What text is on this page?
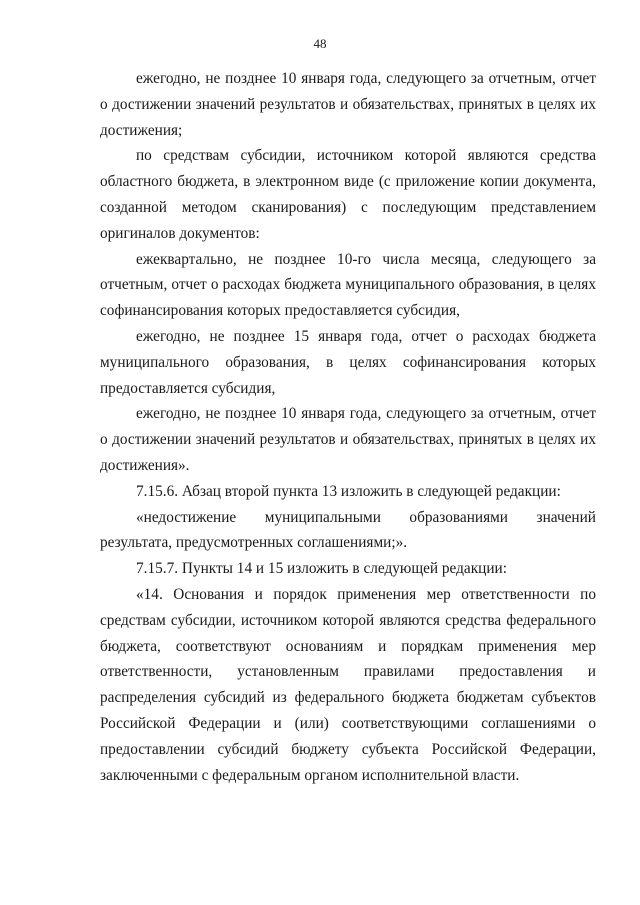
48

ежегодно, не позднее 10 января года, следующего за отчетным, отчет о достижении значений результатов и обязательствах, принятых в целях их достижения;

по средствам субсидии, источником которой являются средства областного бюджета, в электронном виде (с приложение копии документа, созданной методом сканирования) с последующим представлением оригиналов документов:

ежеквартально, не позднее 10-го числа месяца, следующего за отчетным, отчет о расходах бюджета муниципального образования, в целях софинансирования которых предоставляется субсидия,

ежегодно, не позднее 15 января года, отчет о расходах бюджета муниципального образования, в целях софинансирования которых предоставляется субсидия,

ежегодно, не позднее 10 января года, следующего за отчетным, отчет о достижении значений результатов и обязательствах, принятых в целях их достижения».

7.15.6. Абзац второй пункта 13 изложить в следующей редакции:

«недостижение муниципальными образованиями значений результата, предусмотренных соглашениями;».

7.15.7. Пункты 14 и 15 изложить в следующей редакции:

«14. Основания и порядок применения мер ответственности по средствам субсидии, источником которой являются средства федерального бюджета, соответствуют основаниям и порядкам применения мер ответственности, установленным правилами предоставления и распределения субсидий из федерального бюджета бюджетам субъектов Российской Федерации и (или) соответствующими соглашениями о предоставлении субсидий бюджету субъекта Российской Федерации, заключенными с федеральным органом исполнительной власти.
